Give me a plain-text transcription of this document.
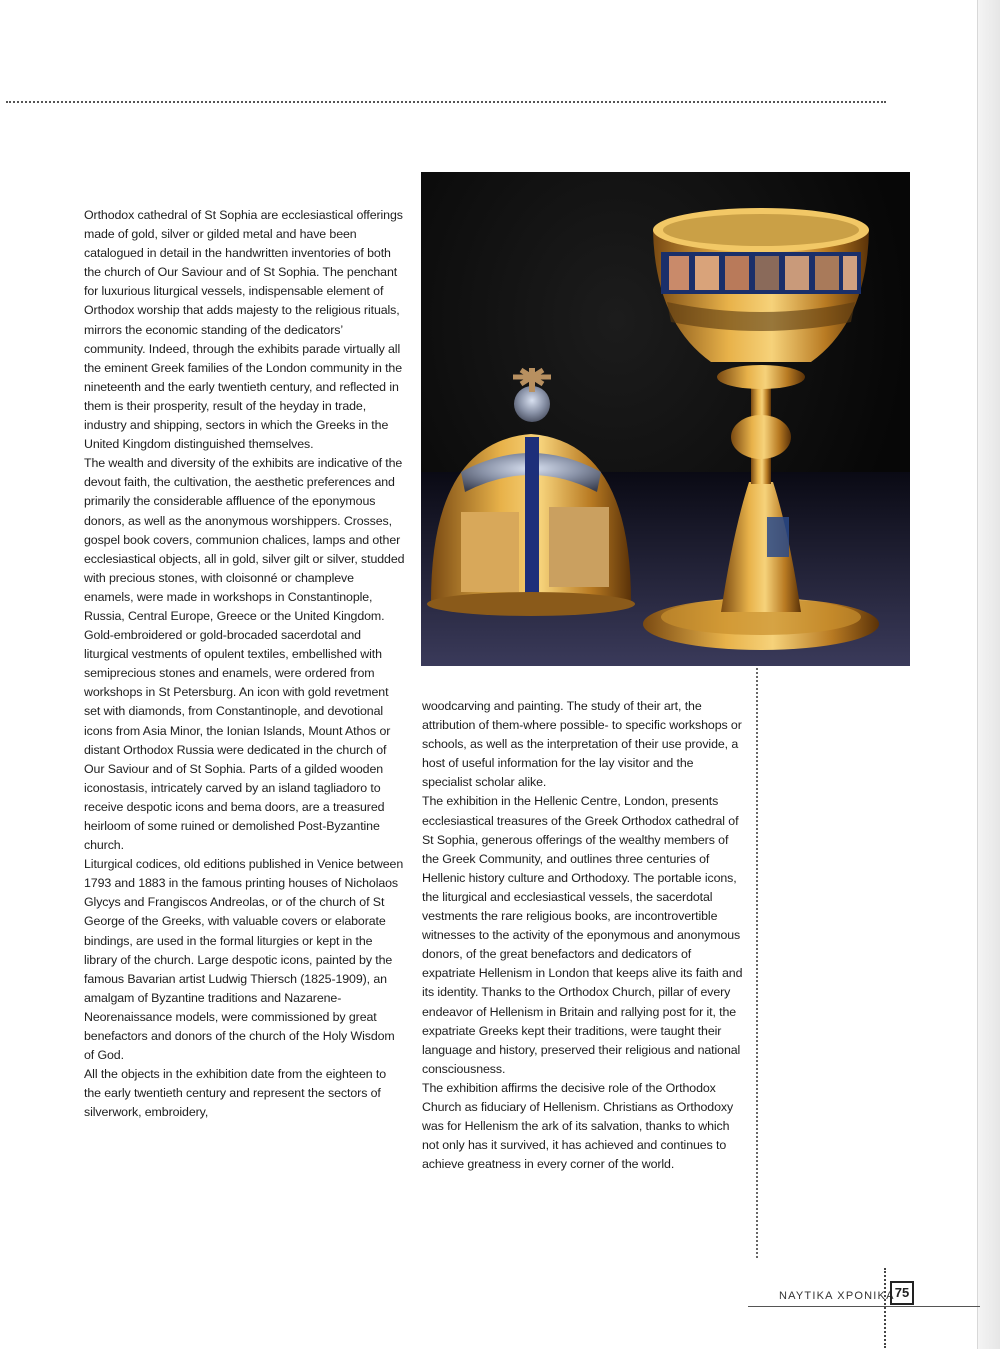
Orthodox cathedral of St Sophia are ecclesiastical offerings made of gold, silver or gilded metal and have been catalogued in detail in the handwritten inventories of both the church of Our Saviour and of St Sophia. The penchant for luxurious liturgical vessels, indispensable element of Orthodox worship that adds majesty to the religious rituals, mirrors the economic standing of the dedicators’ community. Indeed, through the exhibits parade virtually all the eminent Greek families of the London community in the nineteenth and the early twentieth century, and reflected in them is their prosperity, result of the heyday in trade, industry and shipping, sectors in which the Greeks in the United Kingdom distinguished themselves.

The wealth and diversity of the exhibits are indicative of the devout faith, the cultivation, the aesthetic preferences and primarily the considerable affluence of the eponymous donors, as well as the anonymous worshippers. Crosses, gospel book covers, communion chalices, lamps and other ecclesiastical objects, all in gold, silver gilt or silver, studded with precious stones, with cloisonné or champleve enamels, were made in workshops in Constantinople, Russia, Central Europe, Greece or the United Kingdom. Gold-embroidered or gold-brocaded sacerdotal and liturgical vestments of opulent textiles, embellished with semiprecious stones and enamels, were ordered from workshops in St Petersburg. An icon with gold revetment set with diamonds, from Constantinople, and devotional icons from Asia Minor, the Ionian Islands, Mount Athos or distant Orthodox Russia were dedicated in the church of Our Saviour and of St Sophia. Parts of a gilded wooden iconostasis, intricately carved by an island tagliadoro to receive despotic icons and bema doors, are a treasured heirloom of some ruined or demolished Post-Byzantine church.

Liturgical codices, old editions published in Venice between 1793 and 1883 in the famous printing houses of Nicholaos Glycys and Frangiscos Andreolas, or of the church of St George of the Greeks, with valuable covers or elaborate bindings, are used in the formal liturgies or kept in the library of the church. Large despotic icons, painted by the famous Bavarian artist Ludwig Thiersch (1825-1909), an amalgam of Byzantine traditions and Nazarene-Neorenaissance models, were commissioned by great benefactors and donors of the church of the Holy Wisdom of God.

All the objects in the exhibition date from the eighteen to the early twentieth century and represent the sectors of silverwork, embroidery,

woodcarving and painting. The study of their art, the attribution of them-where possible- to specific workshops or schools, as well as the interpretation of their use provide, a host of useful information for the lay visitor and the specialist scholar alike.

The exhibition in the Hellenic Centre, London, presents ecclesiastical treasures of the Greek Orthodox cathedral of St Sophia, generous offerings of the wealthy members of the Greek Community, and outlines three centuries of Hellenic history culture and Orthodoxy. The portable icons, the liturgical and ecclesiastical vessels, the sacerdotal vestments the rare religious books, are incontrovertible witnesses to the activity of the eponymous and anonymous donors, of the great benefactors and dedicators of expatriate Hellenism in London that keeps alive its faith and its identity. Thanks to the Orthodox Church, pillar of every endeavor of Hellenism in Britain and rallying post for it, the expatriate Greeks kept their traditions, were taught their language and history, preserved their religious and national consciousness.

The exhibition affirms the decisive role of the Orthodox Church as fiduciary of Hellenism. Christians as Orthodoxy was for Hellenism the ark of its salvation, thanks to which not only has it survived, it has achieved and continues to achieve greatness in every corner of the world.

ΝΑΥΤΙΚΑ ΧΡΟΝΙΚΑ 75
